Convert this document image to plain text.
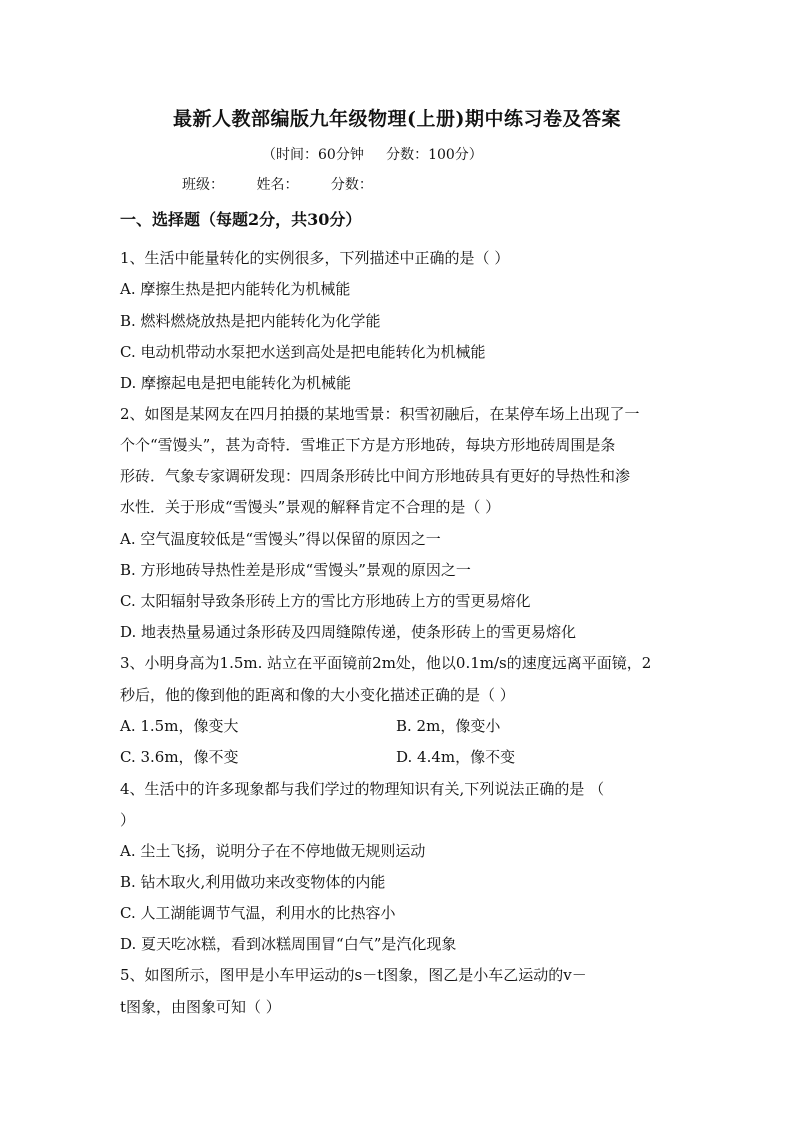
最新人教部编版九年级物理(上册)期中练习卷及答案
（时间：60分钟     分数：100分）
班级： 姓名： 分数：
一、选择题（每题2分，共30分）
1、生活中能量转化的实例很多，下列描述中正确的是（ ）
A. 摩擦生热是把内能转化为机械能
B. 燃料燃烧放热是把内能转化为化学能
C. 电动机带动水泵把水送到高处是把电能转化为机械能
D. 摩擦起电是把电能转化为机械能
2、如图是某网友在四月拍摄的某地雪景：积雪初融后，在某停车场上出现了一
个个“雪馒头”，甚为奇特．雪堆正下方是方形地砖，每块方形地砖周围是条
形砖．气象专家调研发现：四周条形砖比中间方形地砖具有更好的导热性和渗
水性．关于形成“雪馒头”景观的解释肯定不合理的是（ ）
A. 空气温度较低是“雪馒头”得以保留的原因之一
B. 方形地砖导热性差是形成“雪馒头”景观的原因之一
C. 太阳辐射导致条形砖上方的雪比方形地砖上方的雪更易熔化
D. 地表热量易通过条形砖及四周缝隙传递，使条形砖上的雪更易熔化
3、小明身高为1.5m. 站立在平面镜前2m处，他以0.1m/s的速度远离平面镜，2
秒后，他的像到他的距离和像的大小变化描述正确的是（ ）
A. 1.5m，像变大	B. 2m，像变小
C. 3.6m，像不变	D. 4.4m，像不变
4、生活中的许多现象都与我们学过的物理知识有关,下列说法正确的是 （
）
A. 尘土飞扬，说明分子在不停地做无规则运动
B. 钻木取火,利用做功来改变物体的内能
C. 人工湖能调节气温，利用水的比热容小
D. 夏天吃冰糕，看到冰糕周围冒“白气”是汽化现象
5、如图所示，图甲是小车甲运动的s－t图象，图乙是小车乙运动的v－
t图象，由图象可知（ ）
